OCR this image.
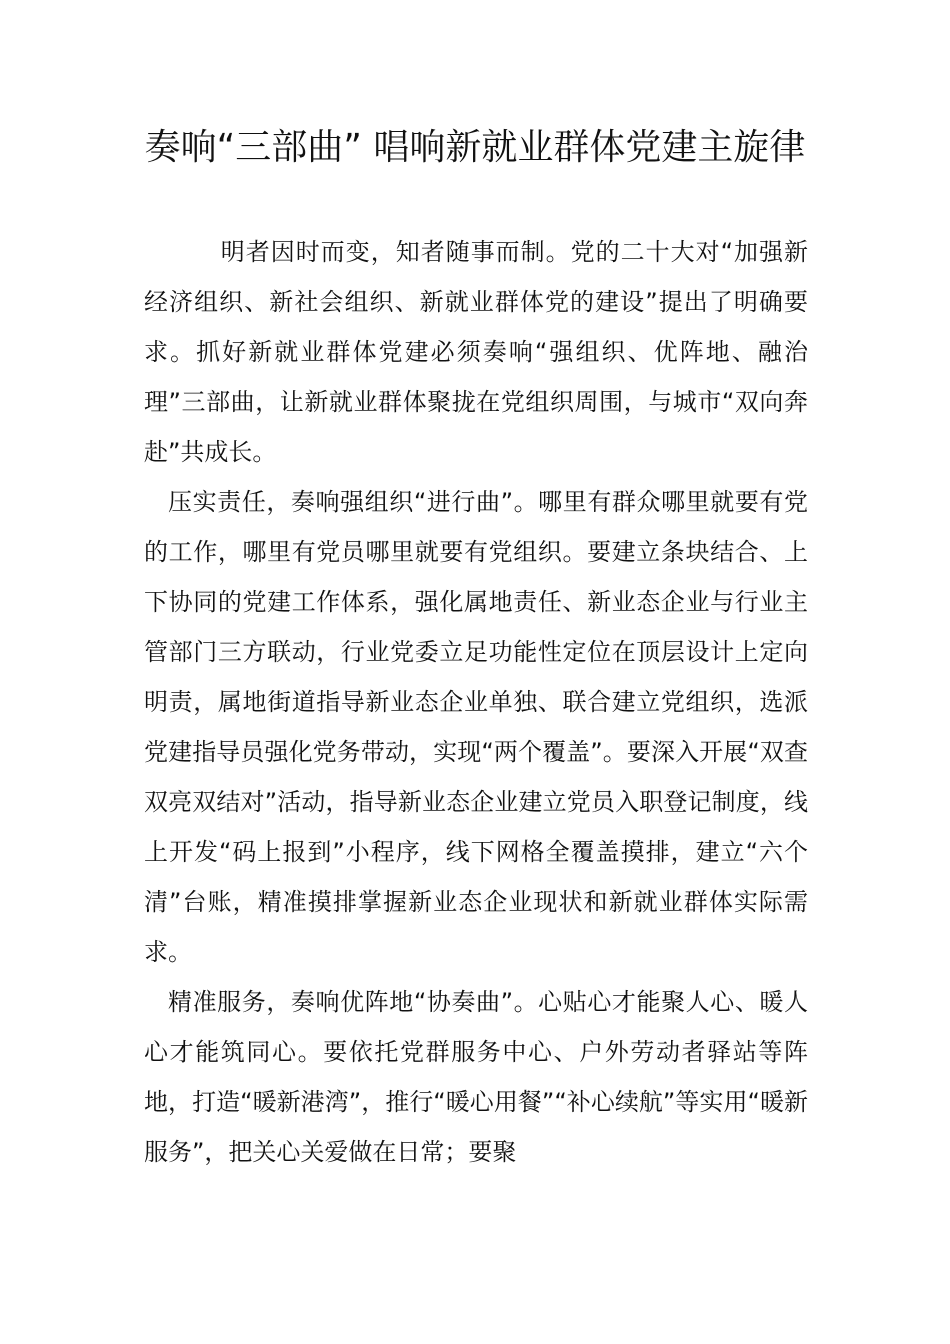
奏响“三部曲” 唱响新就业群体党建主旋律

明者因时而变，知者随事而制。党的二十大对“加强新经济组织、新社会组织、新就业群体党的建设”提出了明确要求。抓好新就业群体党建必须奏响“强组织、优阵地、融治理”三部曲，让新就业群体聚拢在党组织周围，与城市“双向奔赴”共成长。

压实责任，奏响强组织“进行曲”。哪里有群众哪里就要有党的工作，哪里有党员哪里就要有党组织。要建立条块结合、上下协同的党建工作体系，强化属地责任、新业态企业与行业主管部门三方联动，行业党委立足功能性定位在顶层设计上定向明责，属地街道指导新业态企业单独、联合建立党组织，选派党建指导员强化党务带动，实现“两个覆盖”。要深入开展“双查双亮双结对”活动，指导新业态企业建立党员入职登记制度，线上开发“码上报到”小程序，线下网格全覆盖摸排，建立“六个清”台账，精准摸排掌握新业态企业现状和新就业群体实际需求。

精准服务，奏响优阵地“协奏曲”。心贴心才能聚人心、暖人心才能筑同心。要依托党群服务中心、户外劳动者驿站等阵地，打造“暖新港湾”，推行“暖心用餐”“补心续航”等实用“暖新服务”，把关心关爱做在日常；要聚
